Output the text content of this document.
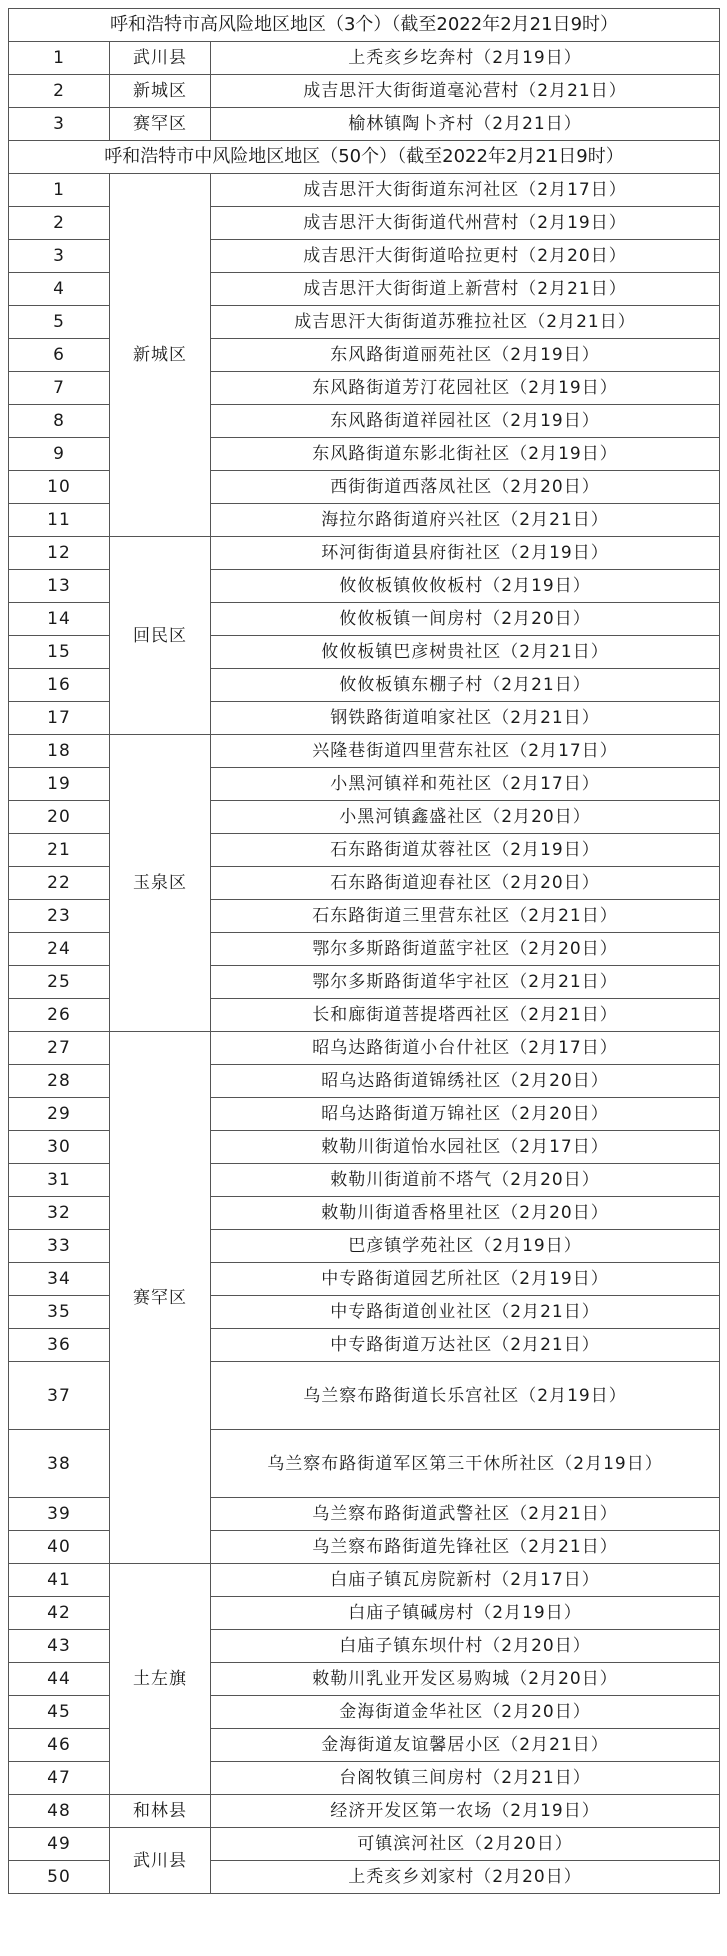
呼和浩特市高风险地区地区（3个）（截至2022年2月21日9时）		
1	武川县	上秃亥乡圪奔村（2月19日）
2	新城区	成吉思汗大街街道毫沁营村（2月21日）
3	赛罕区	榆林镇陶卜齐村（2月21日）
呼和浩特市中风险地区地区（50个）（截至2022年2月21日9时）		
1	新城区	成吉思汗大街街道东河社区（2月17日）
2		成吉思汗大街街道代州营村（2月19日）
3		成吉思汗大街街道哈拉更村（2月20日）
4		成吉思汗大街街道上新营村（2月21日）
5		成吉思汗大街街道苏雅拉社区（2月21日）
6		东风路街道丽苑社区（2月19日）
7		东风路街道芳汀花园社区（2月19日）
8		东风路街道祥园社区（2月19日）
9		东风路街道东影北街社区（2月19日）
10		西街街道西落凤社区（2月20日）
11		海拉尔路街道府兴社区（2月21日）
12	回民区	环河街街道县府街社区（2月19日）
13		攸攸板镇攸攸板村（2月19日）
14		攸攸板镇一间房村（2月20日）
15		攸攸板镇巴彦树贵社区（2月21日）
16		攸攸板镇东棚子村（2月21日）
17		钢铁路街道咱家社区（2月21日）
18	玉泉区	兴隆巷街道四里营东社区（2月17日）
19		小黑河镇祥和苑社区（2月17日）
20		小黑河镇鑫盛社区（2月20日）
21		石东路街道苁蓉社区（2月19日）
22		石东路街道迎春社区（2月20日）
23		石东路街道三里营东社区（2月21日）
24		鄂尔多斯路街道蓝宇社区（2月20日）
25		鄂尔多斯路街道华宇社区（2月21日）
26		长和廊街道菩提塔西社区（2月21日）
27	赛罕区	昭乌达路街道小台什社区（2月17日）
28		昭乌达路街道锦绣社区（2月20日）
29		昭乌达路街道万锦社区（2月20日）
30		敕勒川街道怡水园社区（2月17日）
31		敕勒川街道前不塔气（2月20日）
32		敕勒川街道香格里社区（2月20日）
33		巴彦镇学苑社区（2月19日）
34		中专路街道园艺所社区（2月19日）
35		中专路街道创业社区（2月21日）
36		中专路街道万达社区（2月21日）
37		乌兰察布路街道长乐宫社区（2月19日）
38		乌兰察布路街道军区第三干休所社区（2月19日）
39		乌兰察布路街道武警社区（2月21日）
40		乌兰察布路街道先锋社区（2月21日）
41	土左旗	白庙子镇瓦房院新村（2月17日）
42		白庙子镇碱房村（2月19日）
43		白庙子镇东坝什村（2月20日）
44		敕勒川乳业开发区易购城（2月20日）
45		金海街道金华社区（2月20日）
46		金海街道友谊馨居小区（2月21日）
47		台阁牧镇三间房村（2月21日）
48	和林县	经济开发区第一农场（2月19日）
49	武川县	可镇滨河社区（2月20日）
50		上秃亥乡刘家村（2月20日）
